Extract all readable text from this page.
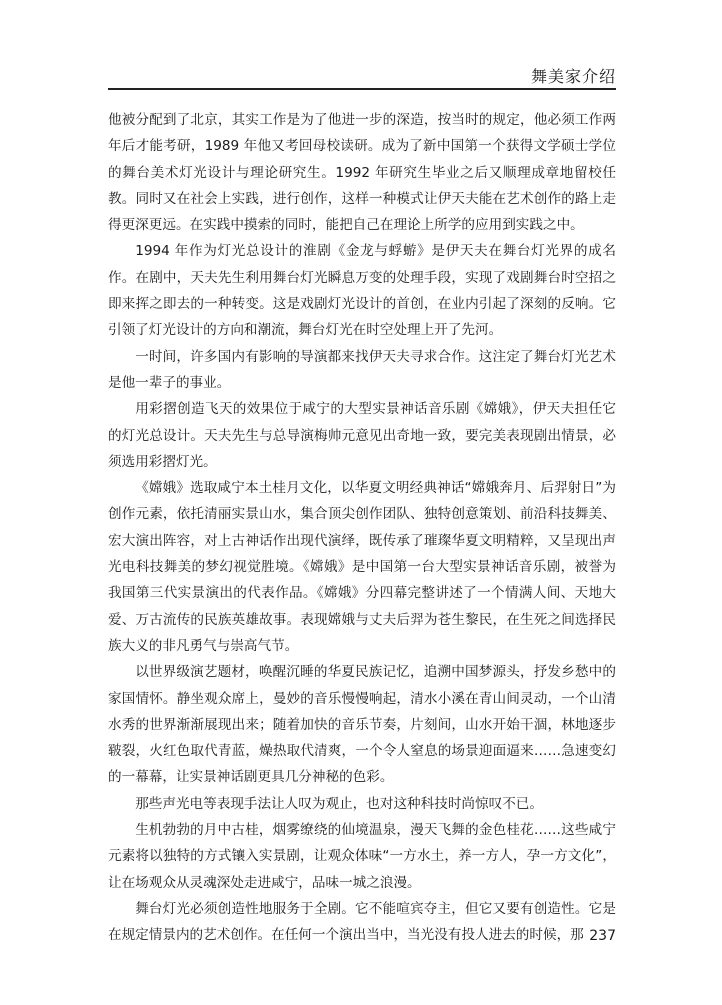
舞美家介绍

他被分配到了北京，其实工作是为了他进一步的深造，按当时的规定，他必须工作两年后才能考研，1989 年他又考回母校读研。成为了新中国第一个获得文学硕士学位的舞台美术灯光设计与理论研究生。1992 年研究生毕业之后又顺理成章地留校任教。同时又在社会上实践，进行创作，这样一种模式让伊天夫能在艺术创作的路上走得更深更远。在实践中摸索的同时，能把自己在理论上所学的应用到实践之中。

1994 年作为灯光总设计的淮剧《金龙与蜉蝣》是伊天夫在舞台灯光界的成名作。在剧中，天夫先生利用舞台灯光瞬息万变的处理手段，实现了戏剧舞台时空招之即来挥之即去的一种转变。这是戏剧灯光设计的首创，在业内引起了深刻的反响。它引领了灯光设计的方向和潮流，舞台灯光在时空处理上开了先河。

一时间，许多国内有影响的导演都来找伊天夫寻求合作。这注定了舞台灯光艺术是他一辈子的事业。

用彩摺创造飞天的效果位于咸宁的大型实景神话音乐剧《嫦娥》，伊天夫担任它的灯光总设计。天夫先生与总导演梅帅元意见出奇地一致，要完美表现剧出情景，必须选用彩摺灯光。

《嫦娥》选取咸宁本土桂月文化，以华夏文明经典神话“嫦娥奔月、后羿射日”为创作元素，依托清丽实景山水，集合顶尖创作团队、独特创意策划、前沿科技舞美、宏大演出阵容，对上古神话作出现代演绎，既传承了璀璨华夏文明精粹，又呈现出声光电科技舞美的梦幻视觉胜境。《嫦娥》是中国第一台大型实景神话音乐剧，被誉为我国第三代实景演出的代表作品。《嫦娥》分四幕完整讲述了一个情满人间、天地大爱、万古流传的民族英雄故事。表现嫦娥与丈夫后羿为苍生黎民，在生死之间选择民族大义的非凡勇气与崇高气节。

以世界级演艺题材，唤醒沉睡的华夏民族记忆，追溯中国梦源头，抒发乡愁中的家国情怀。静坐观众席上，曼妙的音乐慢慢响起，清水小溪在青山间灵动，一个山清水秀的世界渐渐展现出来；随着加快的音乐节奏，片刻间，山水开始干涸，林地逐步皲裂，火红色取代青蓝，燥热取代清爽，一个令人窒息的场景迎面逼来……急速变幻的一幕幕，让实景神话剧更具几分神秘的色彩。

那些声光电等表现手法让人叹为观止，也对这种科技时尚惊叹不已。

生机勃勃的月中古桂，烟雾缭绕的仙境温泉，漫天飞舞的金色桂花……这些咸宁元素将以独特的方式镶入实景剧，让观众体味“一方水土，养一方人，孕一方文化”，让在场观众从灵魂深处走进咸宁，品味一城之浪漫。

舞台灯光必须创造性地服务于全剧。它不能喧宾夺主，但它又要有创造性。它是在规定情景内的艺术创作。在任何一个演出当中，当光没有投人进去的时候，那 237
